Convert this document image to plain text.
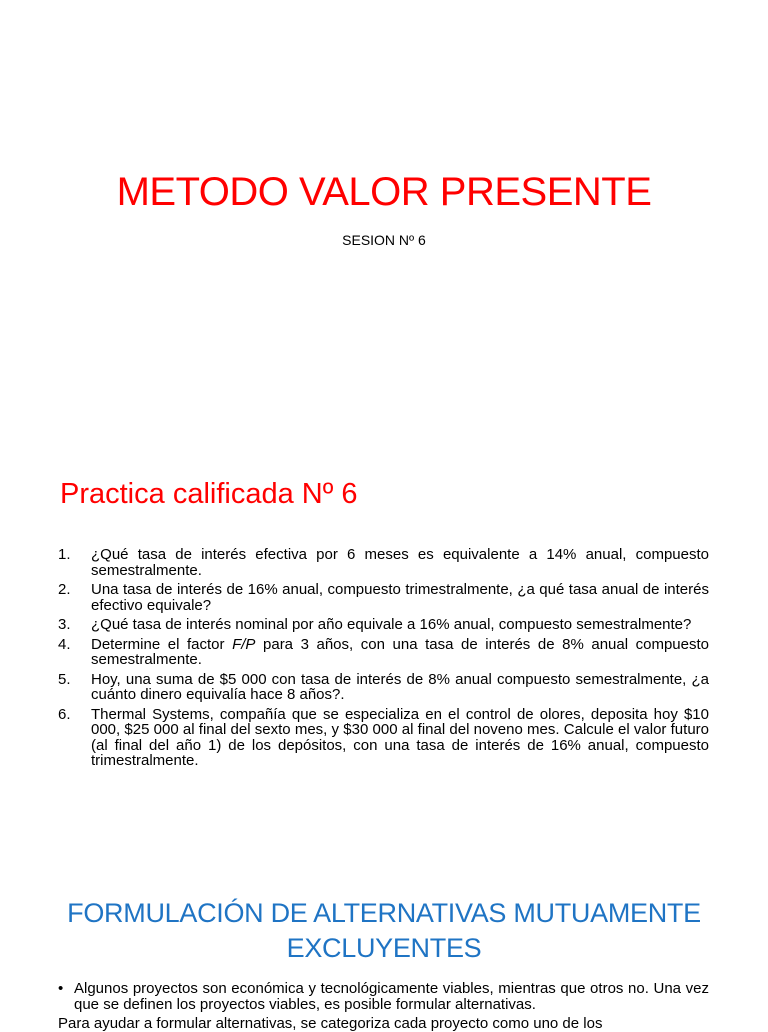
METODO VALOR PRESENTE
SESION Nº 6
Practica calificada Nº 6
1.	¿Qué tasa de interés efectiva por 6 meses es equivalente a 14% anual, compuesto semestralmente.
2.	Una tasa de interés de 16% anual, compuesto trimestralmente, ¿a qué tasa anual de interés efectivo equivale?
3.	¿Qué tasa de interés nominal por año equivale a 16% anual, compuesto semestralmente?
4.	Determine el factor F/P para 3 años, con una tasa de interés de 8% anual compuesto semestralmente.
5.	Hoy, una suma de $5 000 con tasa de interés de 8% anual compuesto semestralmente, ¿a cuánto dinero equivalía hace 8 años?.
6.	Thermal Systems, compañía que se especializa en el control de olores, deposita hoy $10 000, $25 000 al final del sexto mes, y $30 000 al final del noveno mes. Calcule el valor futuro (al final del año 1) de los depósitos, con una tasa de interés de 16% anual, compuesto trimestralmente.
FORMULACIÓN DE ALTERNATIVAS MUTUAMENTE
EXCLUYENTES
• Algunos proyectos son económica y tecnológicamente viables, mientras que otros no. Una vez que se definen los proyectos viables, es posible formular alternativas.
Para ayudar a formular alternativas, se categoriza cada proyecto como uno de los
